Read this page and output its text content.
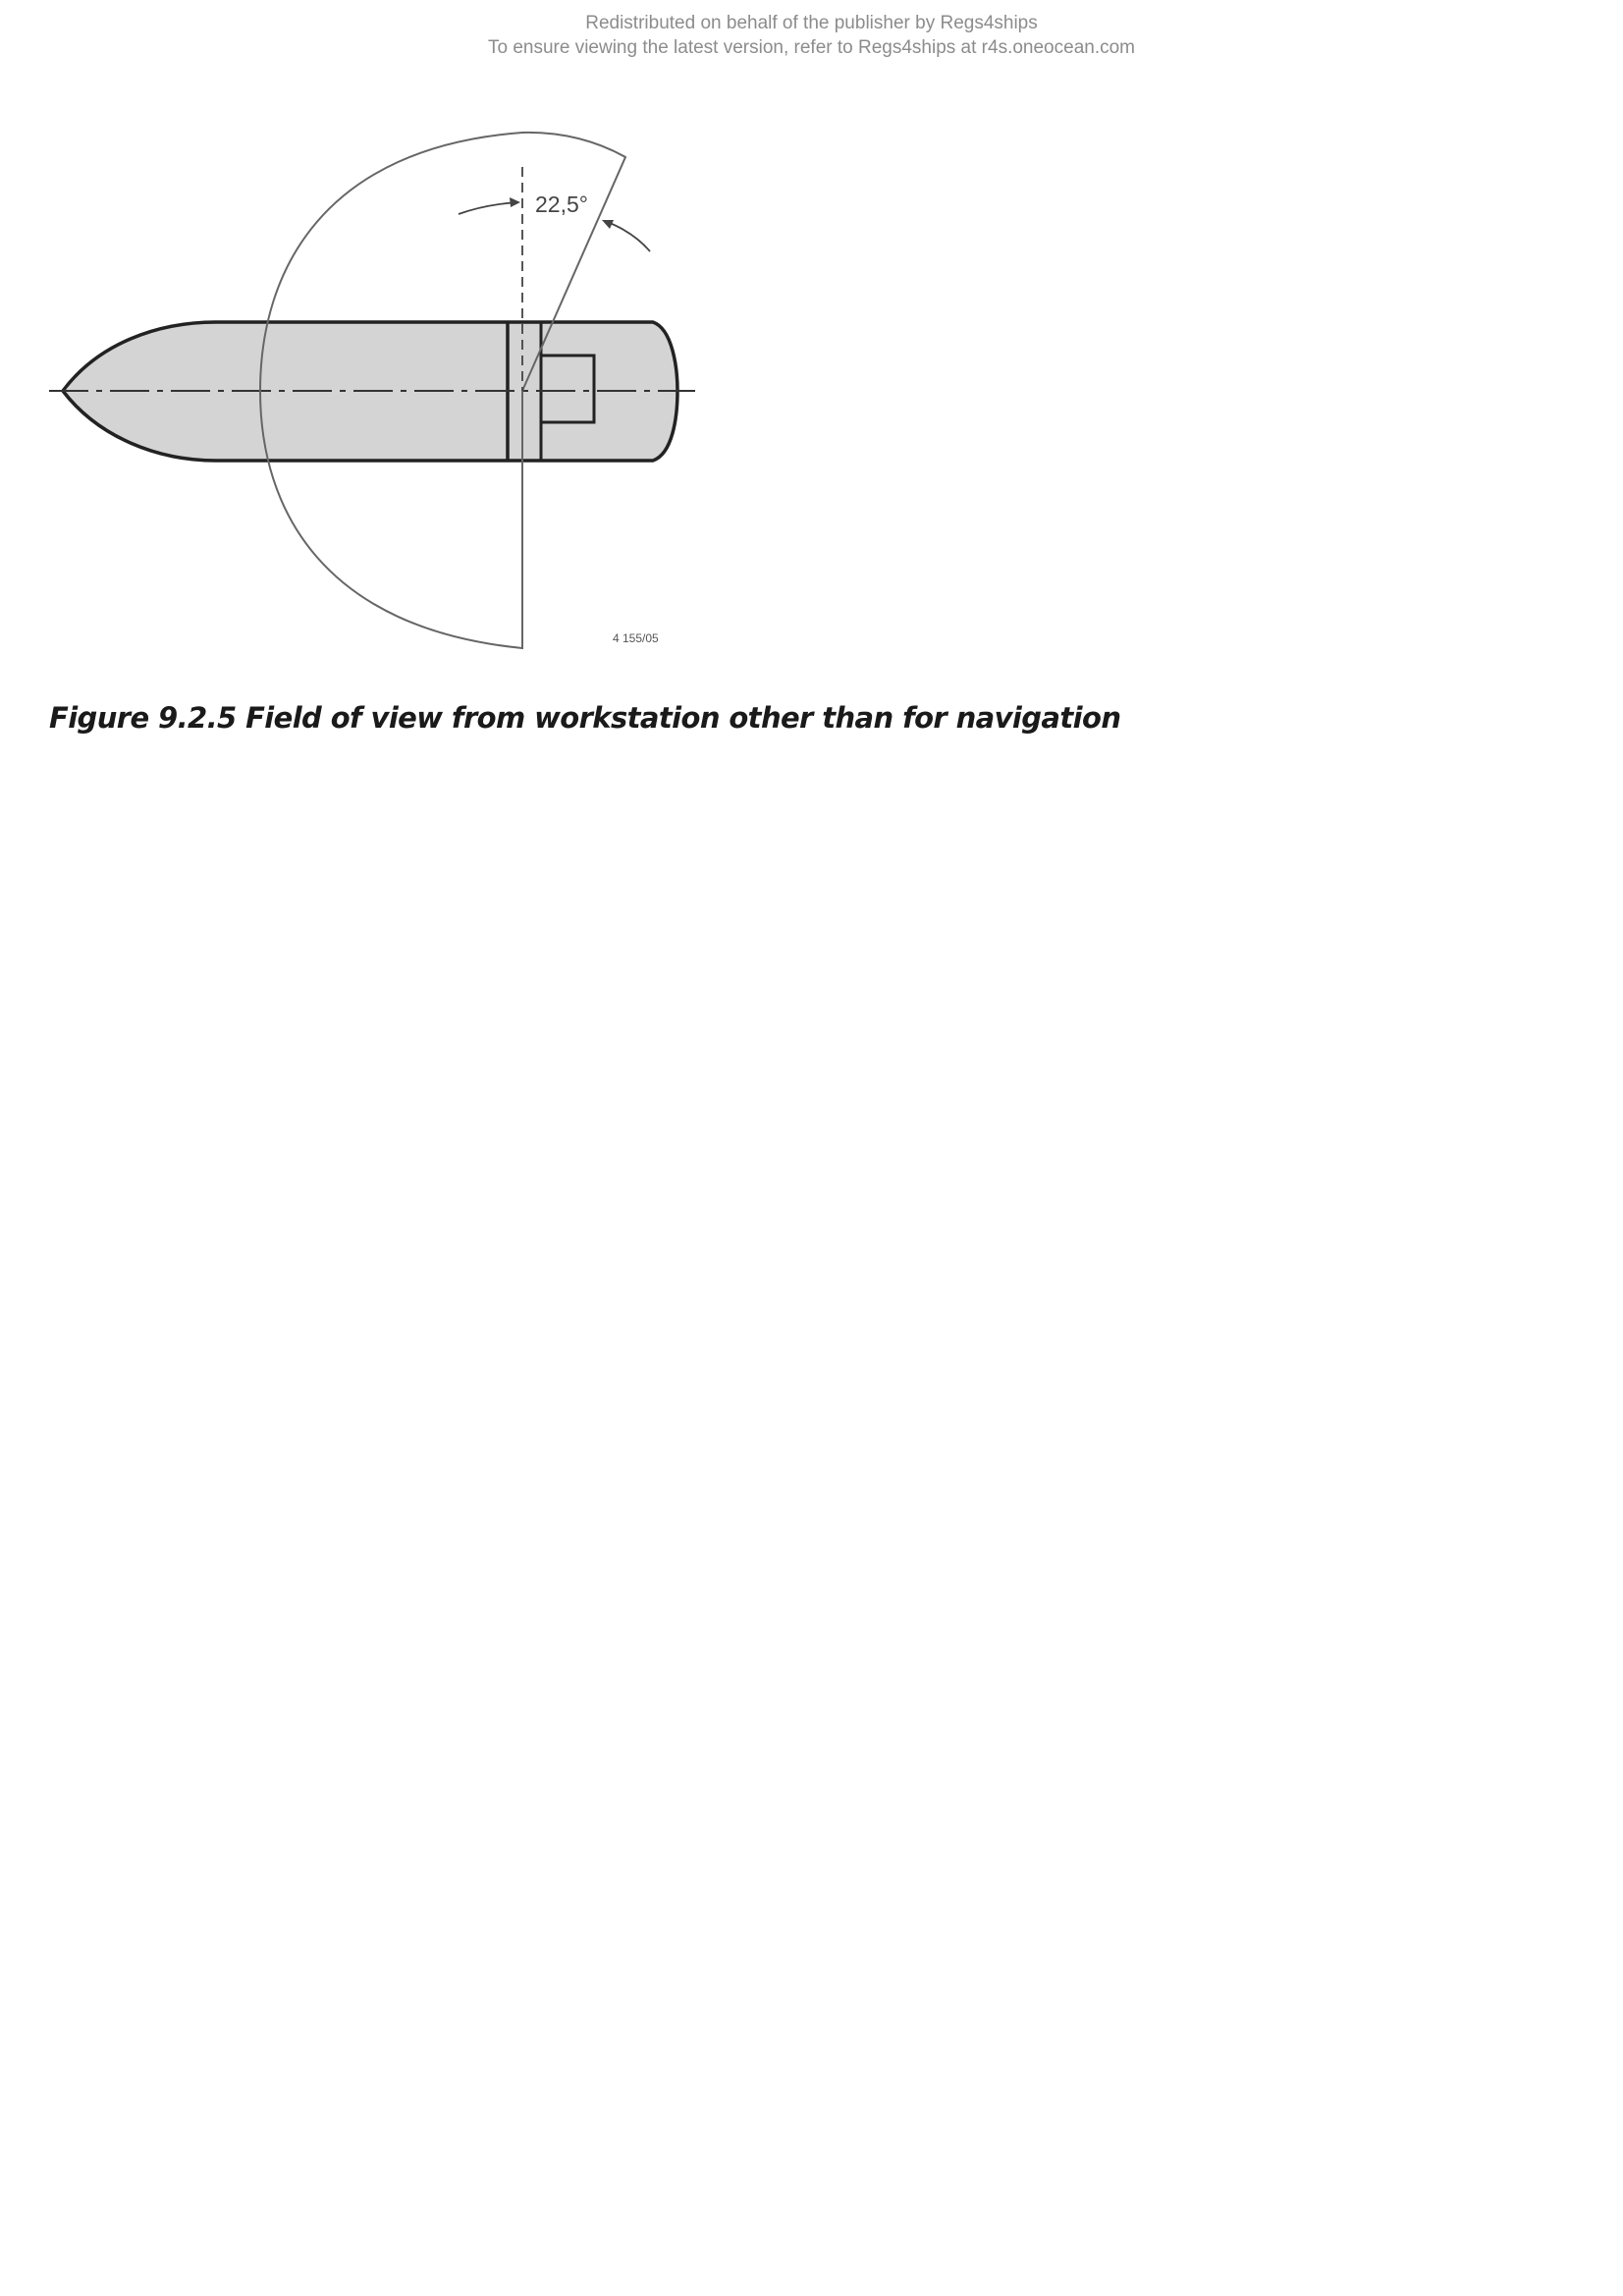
Redistributed on behalf of the publisher by Regs4ships
To ensure viewing the latest version, refer to Regs4ships at r4s.oneocean.com
22,5°
4 155/05
Figure 9.2.5 Field of view from workstation other than for navigation
